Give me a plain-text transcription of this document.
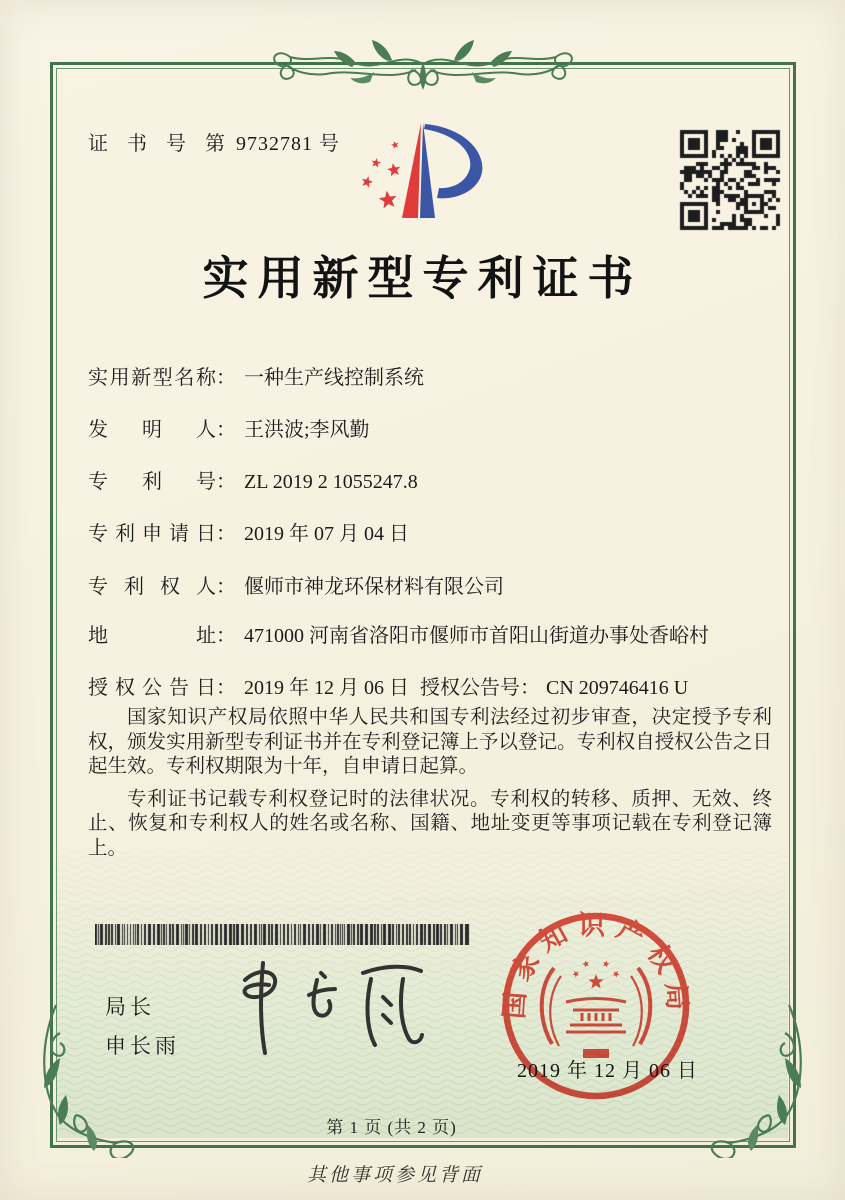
证 书 号 第 9732781 号
实用新型专利证书
实用新型名称： 一种生产线控制系统
发明人： 王洪波;李风勤
专利号： ZL 2019 2 1055247.8
专利申请日： 2019 年 07 月 04 日
专利权人： 偃师市神龙环保材料有限公司
地址： 471000 河南省洛阳市偃师市首阳山街道办事处香峪村
授权公告日： 2019 年 12 月 06 日 授权公告号： CN 209746416 U

国家知识产权局依照中华人民共和国专利法经过初步审查，决定授予专利权，颁发实用新型专利证书并在专利登记簿上予以登记。专利权自授权公告之日起生效。专利权期限为十年，自申请日起算。

专利证书记载专利权登记时的法律状况。专利权的转移、质押、无效、终止、恢复和专利权人的姓名或名称、国籍、地址变更等事项记载在专利登记簿上。

局长
申长雨
国家知识产权局
2019 年 12 月 06 日
第 1 页 (共 2 页)
其他事项参见背面
